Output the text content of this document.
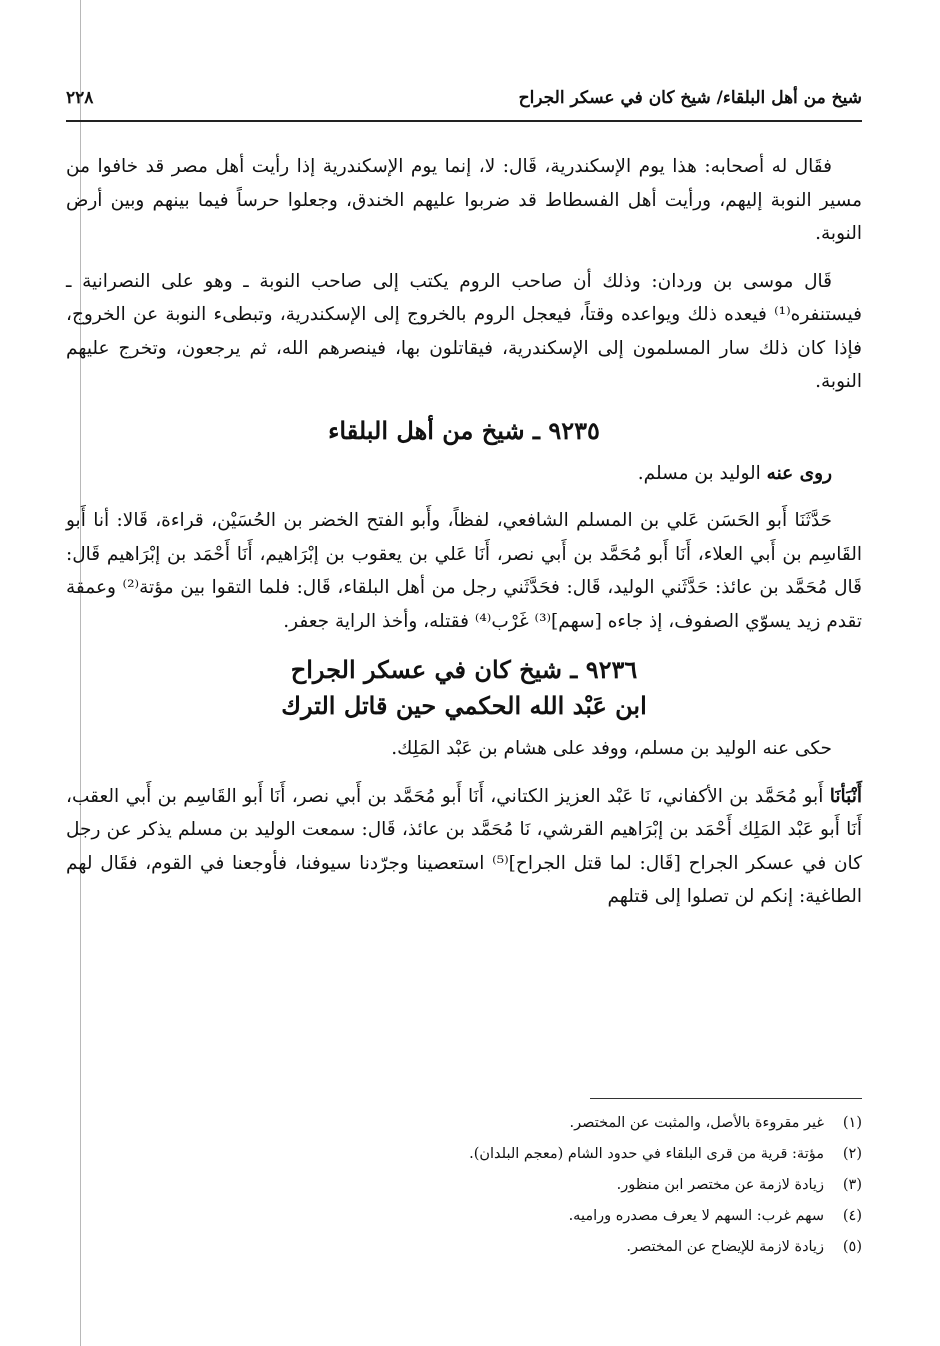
شيخ من أهل البلقاء/ شيخ كان في عسكر الجراح
٢٢٨

فقَال له أصحابه: هذا يوم الإسكندرية، قَال: لا، إنما يوم الإسكندرية إذا رأيت أهل مصر قد خافوا من مسير النوبة إليهم، ورأيت أهل الفسطاط قد ضربوا عليهم الخندق، وجعلوا حرساً فيما بينهم وبين أرض النوبة.

قَال موسى بن وردان: وذلك أن صاحب الروم يكتب إلى صاحب النوبة ـ وهو على النصرانية ـ فيستنفره⁽¹⁾ فيعده ذلك ويواعده وقتاً، فيعجل الروم بالخروج إلى الإسكندرية، وتبطىء النوبة عن الخروج، فإذا كان ذلك سار المسلمون إلى الإسكندرية، فيقاتلون بها، فينصرهم الله، ثم يرجعون، وتخرج عليهم النوبة.

٩٢٣٥ ـ شيخ من أهل البلقاء

روى عنه الوليد بن مسلم.

حَدَّثَنَا أَبو الحَسَن عَلي بن المسلم الشافعي، لفظاً، وأَبو الفتح الخضر بن الحُسَيْن، قراءة، قَالا: أنا أَبو القَاسِم بن أَبي العلاء، أَنَا أَبو مُحَمَّد بن أَبي نصر، أَنَا عَلي بن يعقوب بن إبْرَاهيم، أَنَا أَحْمَد بن إبْرَاهيم قَال: قَال مُحَمَّد بن عائذ: حَدَّثَني الوليد، قَال: فحَدَّثَني رجل من أهل البلقاء، قَال: فلما التقوا بين مؤتة⁽²⁾ وعمقة تقدم زيد يسوّي الصفوف، إذ جاءه [سهم]⁽³⁾ غَرْب⁽⁴⁾ فقتله، وأخذ الراية جعفر.

٩٢٣٦ ـ شيخ كان في عسكر الجراح
ابن عَبْد الله الحكمي حين قاتل الترك

حكى عنه الوليد بن مسلم، ووفد على هشام بن عَبْد المَلِك.

أَنْبَأنَا أَبو مُحَمَّد بن الأكفاني، نَا عَبْد العزيز الكتاني، أَنَا أَبو مُحَمَّد بن أَبي نصر، أَنَا أَبو القَاسِم بن أَبي العقب، أَنَا أَبو عَبْد المَلِك أَحْمَد بن إبْرَاهيم القرشي، نَا مُحَمَّد بن عائذ، قَال: سمعت الوليد بن مسلم يذكر عن رجل كان في عسكر الجراح [قَال: لما قتل الجراح]⁽⁵⁾ استعصينا وجرّدنا سيوفنا، فأوجعنا في القوم، فقَال لهم الطاغية: إنكم لن تصلوا إلى قتلهم

(١)غير مقروءة بالأصل، والمثبت عن المختصر.
(٢)مؤتة: قرية من قرى البلقاء في حدود الشام (معجم البلدان).
(٣)زيادة لازمة عن مختصر ابن منظور.
(٤)سهم غرب: السهم لا يعرف مصدره ورامیه.
(٥)زيادة لازمة للإيضاح عن المختصر.
